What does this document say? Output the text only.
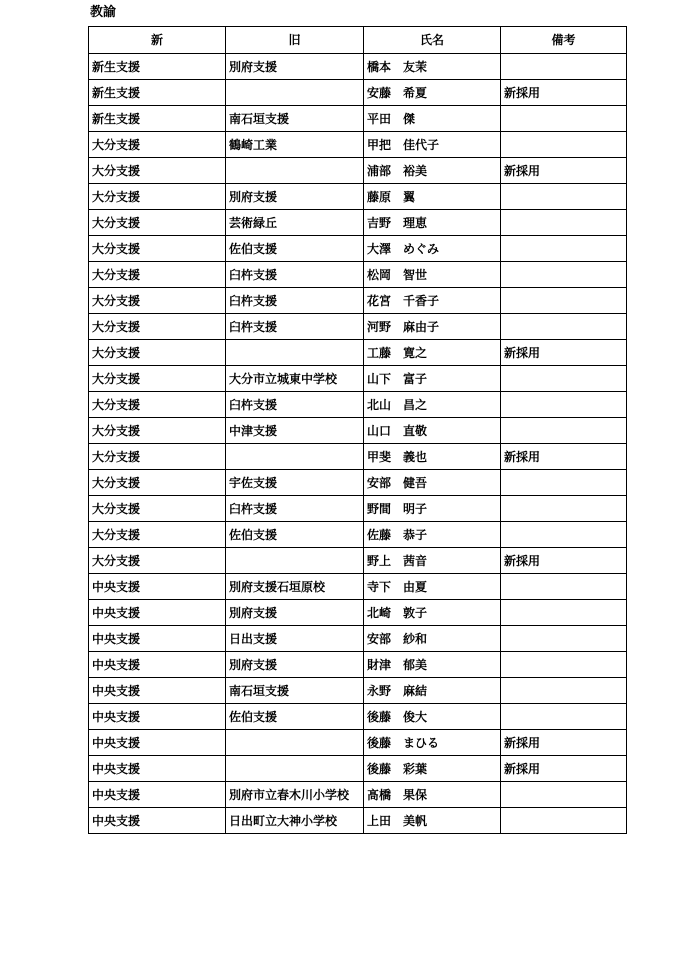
教諭
新	旧	氏名	備考
新生支援	別府支援	橋本　友茉	
新生支援		安藤　希夏	新採用
新生支援	南石垣支援	平田　傑	
大分支援	鶴崎工業	甲把　佳代子	
大分支援		浦部　裕美	新採用
大分支援	別府支援	藤原　翼	
大分支援	芸術緑丘	吉野　理恵	
大分支援	佐伯支援	大澤　めぐみ	
大分支援	臼杵支援	松岡　智世	
大分支援	臼杵支援	花宮　千香子	
大分支援	臼杵支援	河野　麻由子	
大分支援		工藤　寛之	新採用
大分支援	大分市立城東中学校	山下　富子	
大分支援	臼杵支援	北山　昌之	
大分支援	中津支援	山口　直敬	
大分支援		甲斐　義也	新採用
大分支援	宇佐支援	安部　健吾	
大分支援	臼杵支援	野間　明子	
大分支援	佐伯支援	佐藤　恭子	
大分支援		野上　茜音	新採用
中央支援	別府支援石垣原校	寺下　由夏	
中央支援	別府支援	北崎　敦子	
中央支援	日出支援	安部　紗和	
中央支援	別府支援	財津　郁美	
中央支援	南石垣支援	永野　麻結	
中央支援	佐伯支援	後藤　俊大	
中央支援		後藤　まひる	新採用
中央支援		後藤　彩葉	新採用
中央支援	別府市立春木川小学校	髙橋　果保	
中央支援	日出町立大神小学校	上田　美帆	
